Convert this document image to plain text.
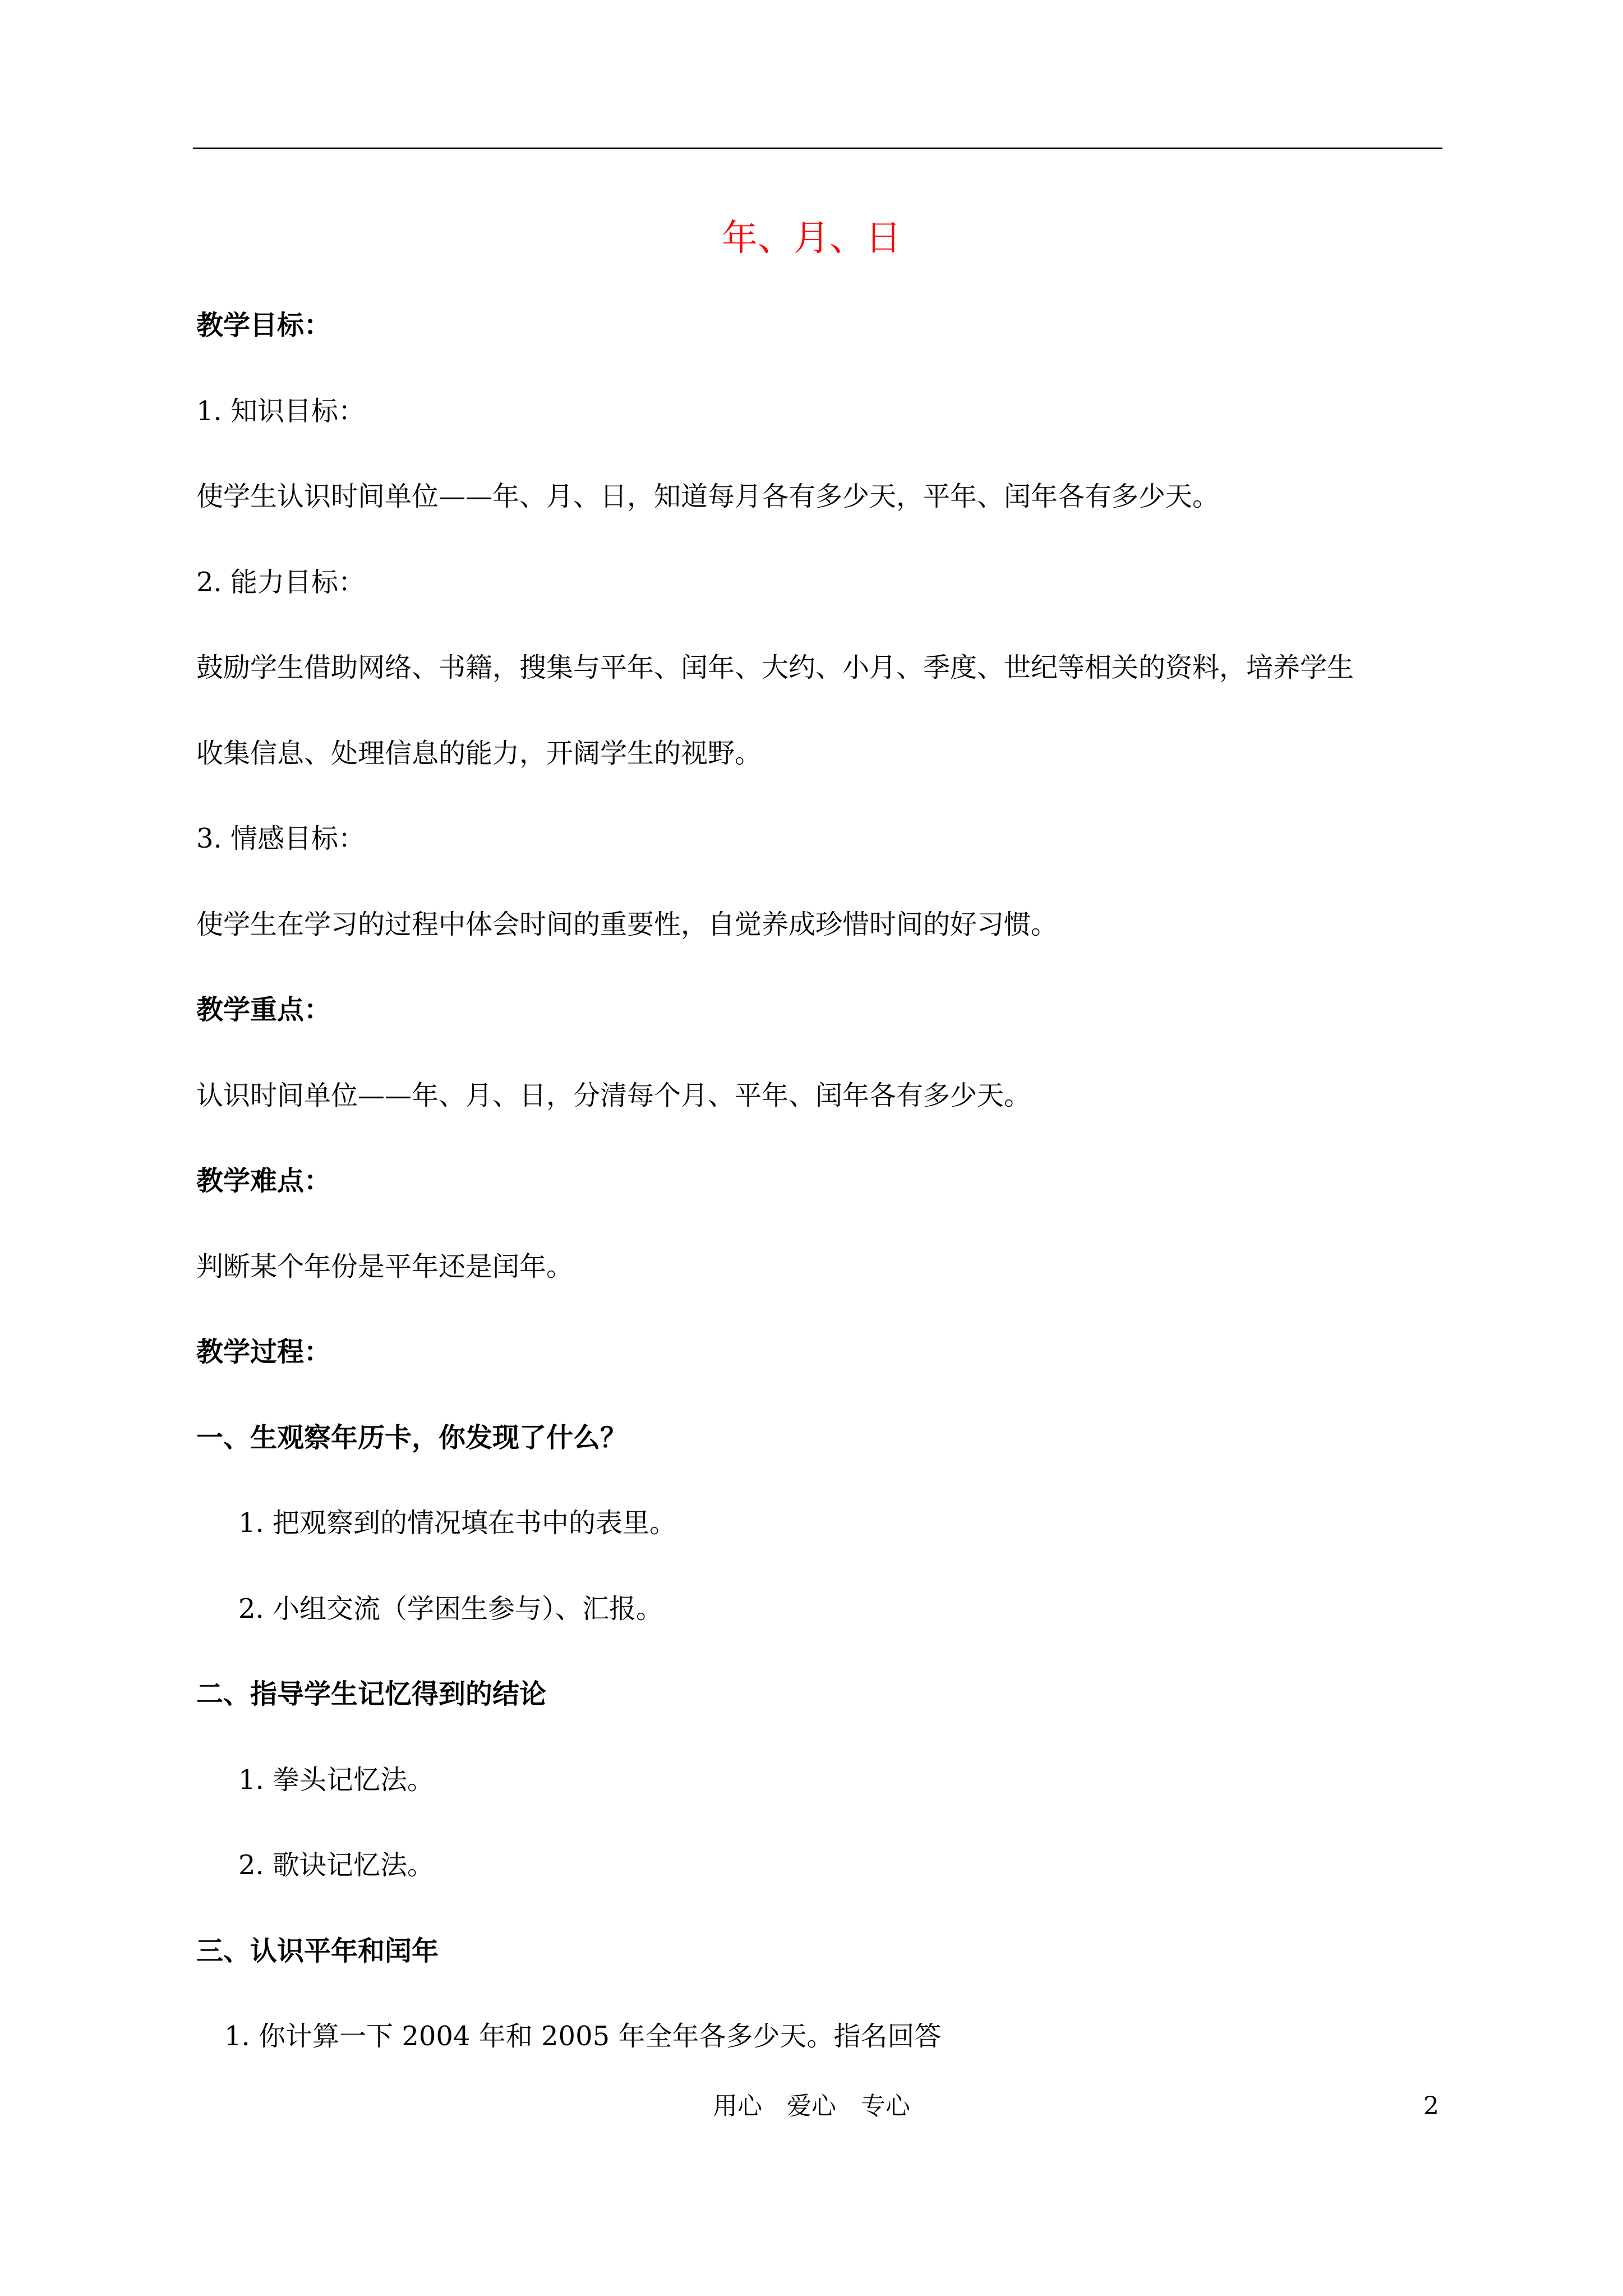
年、月、日

教学目标：

1. 知识目标：

使学生认识时间单位——年、月、日，知道每月各有多少天，平年、闰年各有多少天。

2. 能力目标：

鼓励学生借助网络、书籍，搜集与平年、闰年、大约、小月、季度、世纪等相关的资料，培养学生

收集信息、处理信息的能力，开阔学生的视野。

3. 情感目标：

使学生在学习的过程中体会时间的重要性，自觉养成珍惜时间的好习惯。

教学重点：

认识时间单位——年、月、日，分清每个月、平年、闰年各有多少天。

教学难点：

判断某个年份是平年还是闰年。

教学过程：

一、生观察年历卡，你发现了什么？

1. 把观察到的情况填在书中的表里。

2. 小组交流（学困生参与）、汇报。

二、指导学生记忆得到的结论

1. 拳头记忆法。

2. 歌诀记忆法。

三、认识平年和闰年

1. 你计算一下 2004 年和 2005 年全年各多少天。指名回答

用心 爱心 专心	2
